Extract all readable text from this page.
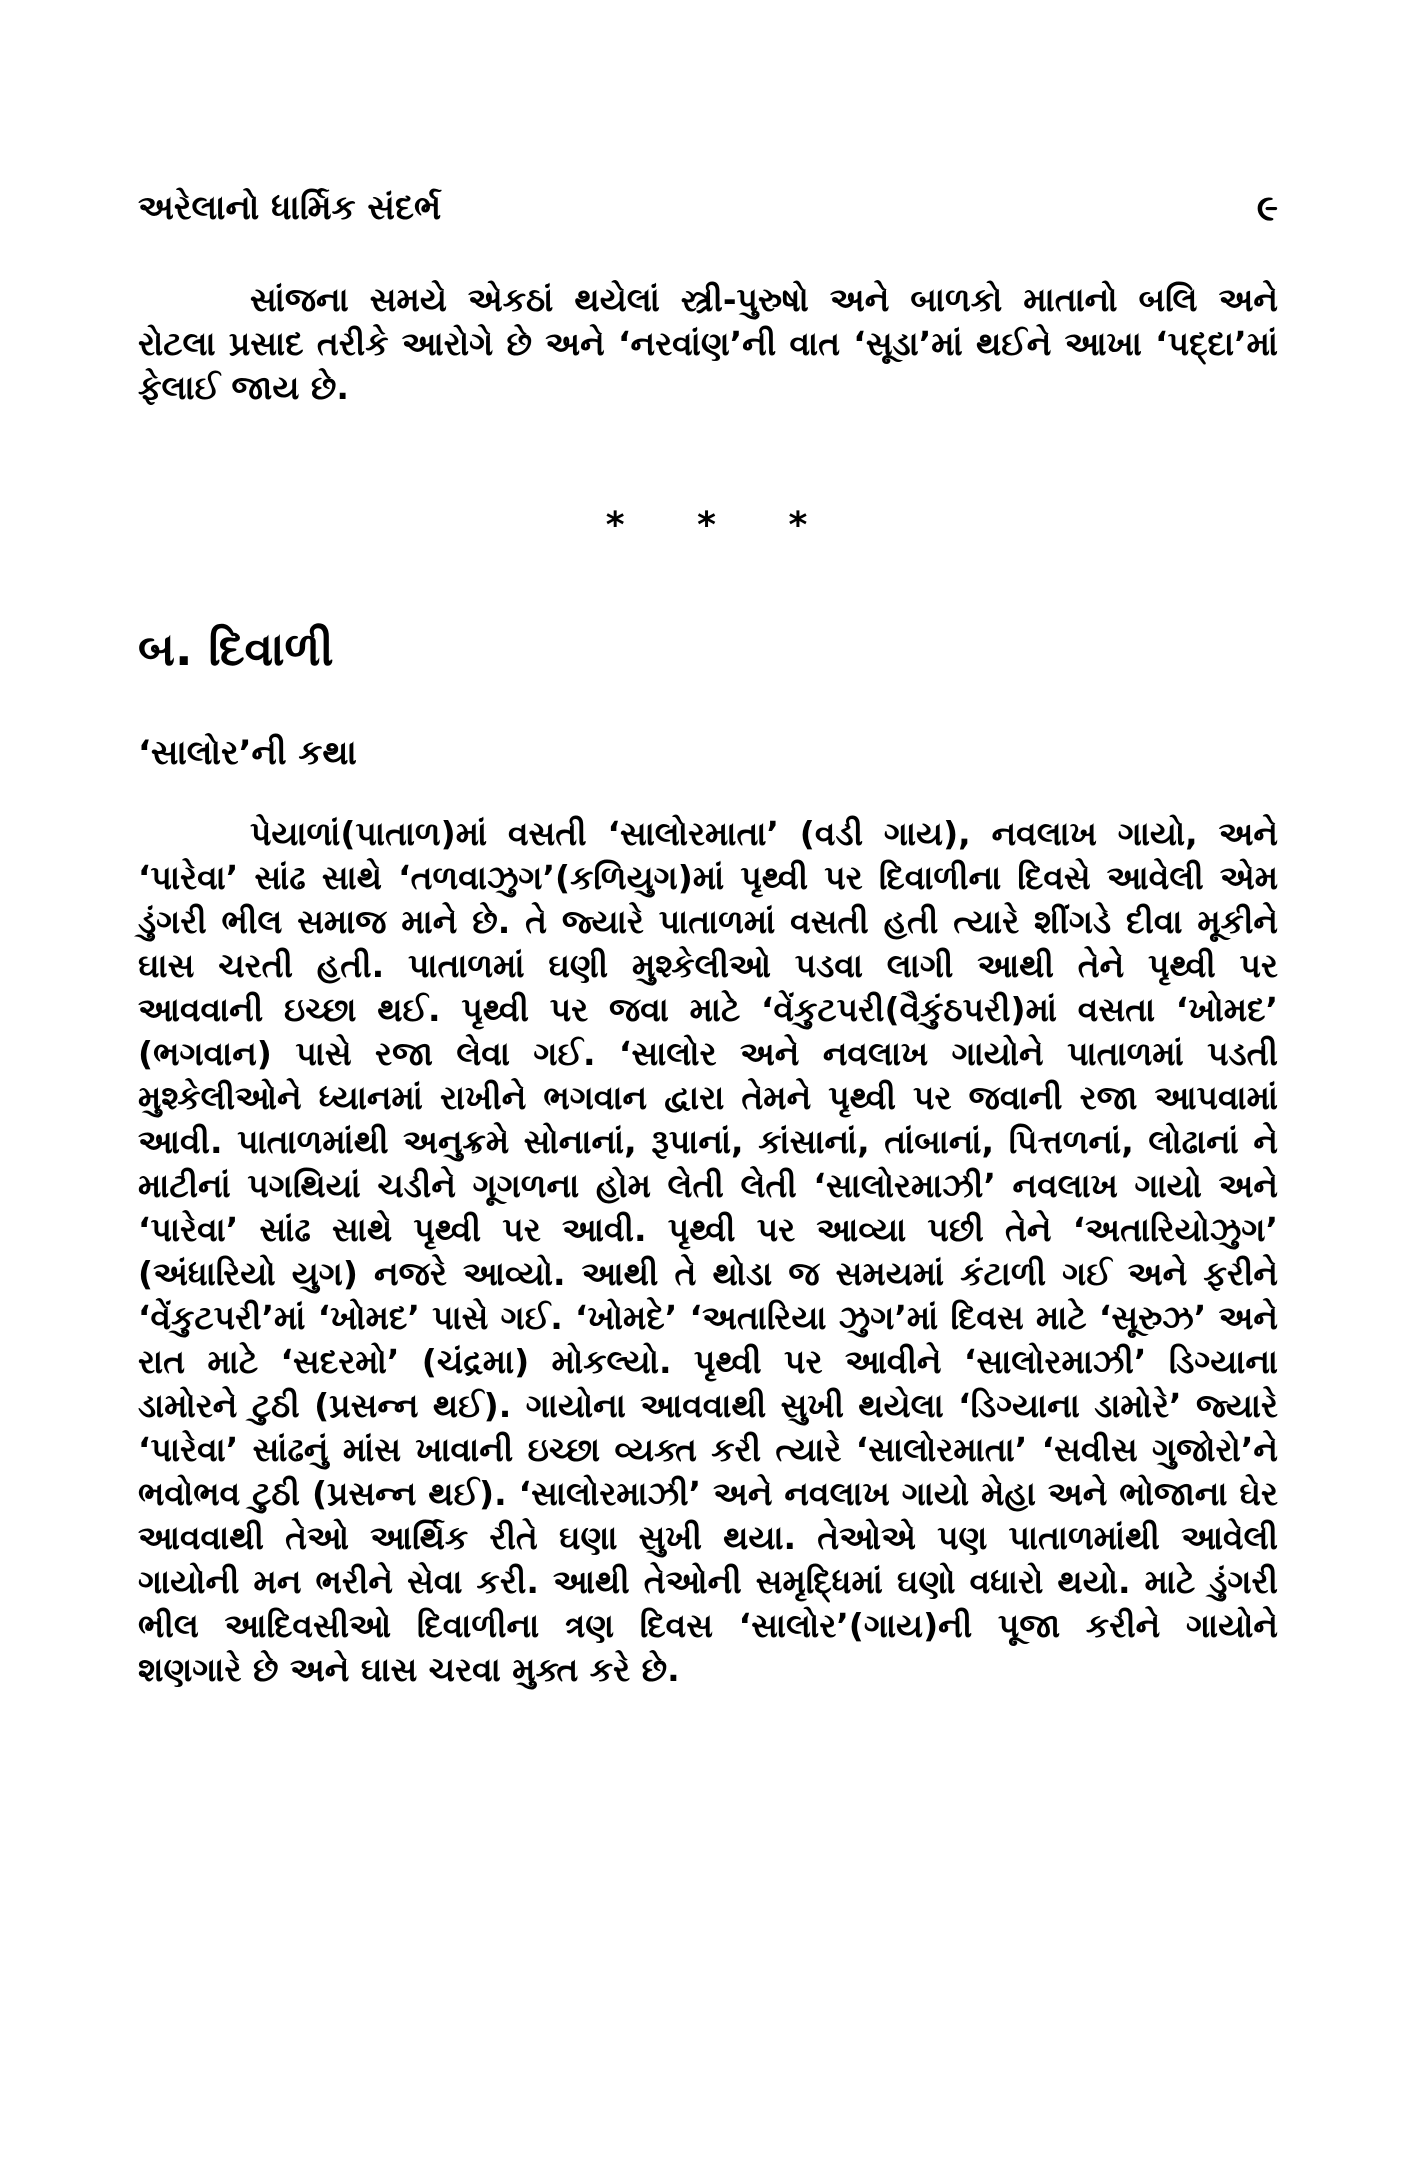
અરેલાનો ધાર્મિક સંદર્ભ	૯

સાંજના સમયે એકઠાં થયેલાં સ્ત્રી-પુરુષો અને બાળકો માતાનો બલિ અને રોટલા પ્રસાદ તરીકે આરોગે છે અને ‘નરવાંણ’ની વાત ‘સૂડા’માં થઈને આખા ‘પદ્દા’માં ફેલાઈ જાય છે.

* * *
બ. દિવાળી
‘સાલોર’ની કથા

પેયાળાં(પાતાળ)માં વસતી ‘સાલોરમાતા’ (વડી ગાય), નવલાખ ગાયો, અને ‘પારેવા’ સાંઢ સાથે ‘તળવાઝુગ’(કળિયુગ)માં પૃથ્વી પર દિવાળીના દિવસે આવેલી એમ ડુંગરી ભીલ સમાજ માને છે. તે જ્યારે પાતાળમાં વસતી હતી ત્યારે શીંગડે દીવા મૂકીને ઘાસ ચરતી હતી. પાતાળમાં ઘણી મુશ્કેલીઓ પડવા લાગી આથી તેને પૃથ્વી પર આવવાની ઇચ્છા થઈ. પૃથ્વી પર જવા માટે ‘વેંકુટપરી(વૈકુંઠપરી)માં વસતા ‘ખોમદ’ (ભગવાન) પાસે રજા લેવા ગઈ. ‘સાલોર અને નવલાખ ગાયોને પાતાળમાં પડતી મુશ્કેલીઓને ધ્યાનમાં રાખીને ભગવાન દ્વારા તેમને પૃથ્વી પર જવાની રજા આપવામાં આવી. પાતાળમાંથી અનુક્રમે સોનાનાં, રૂપાનાં, કાંસાનાં, તાંબાનાં, પિત્તળનાં, લોઢાનાં ને માટીનાં પગથિયાં ચડીને ગૂગળના હોમ લેતી લેતી ‘સાલોરમાઝી’ નવલાખ ગાયો અને ‘પારેવા’ સાંઢ સાથે પૃથ્વી પર આવી. પૃથ્વી પર આવ્યા પછી તેને ‘અતારિયોઝુગ’ (અંધારિયો યુગ) નજરે આવ્યો. આથી તે થોડા જ સમયમાં કંટાળી ગઈ અને ફરીને ‘વેંકુટપરી’માં ‘ખોમદ’ પાસે ગઈ. ‘ખોમદે’ ‘અતારિયા ઝુગ’માં દિવસ માટે ‘સૂરુઝ’ અને રાત માટે ‘સદરમો’ (ચંદ્રમા) મોકલ્યો. પૃથ્વી પર આવીને ‘સાલોરમાઝી’ ડિગ્યાના ડામોરને ટુઠી (પ્રસન્ન થઈ). ગાયોના આવવાથી સુખી થયેલા ‘ડિગ્યાના ડામોરે’ જ્યારે ‘પારેવા’ સાંઢનું માંસ ખાવાની ઇચ્છા વ્યક્ત કરી ત્યારે ‘સાલોરમાતા’ ‘સવીસ ગુજોરો’ને ભવોભવ ટુઠી (પ્રસન્ન થઈ). ‘સાલોરમાઝી’ અને નવલાખ ગાયો મેહા અને ભોજાના ઘેર આવવાથી તેઓ આર્થિક રીતે ઘણા સુખી થયા. તેઓએ પણ પાતાળમાંથી આવેલી ગાયોની મન ભરીને સેવા કરી. આથી તેઓની સમૃદ્ધિમાં ઘણો વધારો થયો. માટે ડુંગરી ભીલ આદિવસીઓ દિવાળીના ત્રણ દિવસ ‘સાલોર’(ગાય)ની પૂજા કરીને ગાયોને શણગારે છે અને ઘાસ ચરવા મુક્ત કરે છે.
